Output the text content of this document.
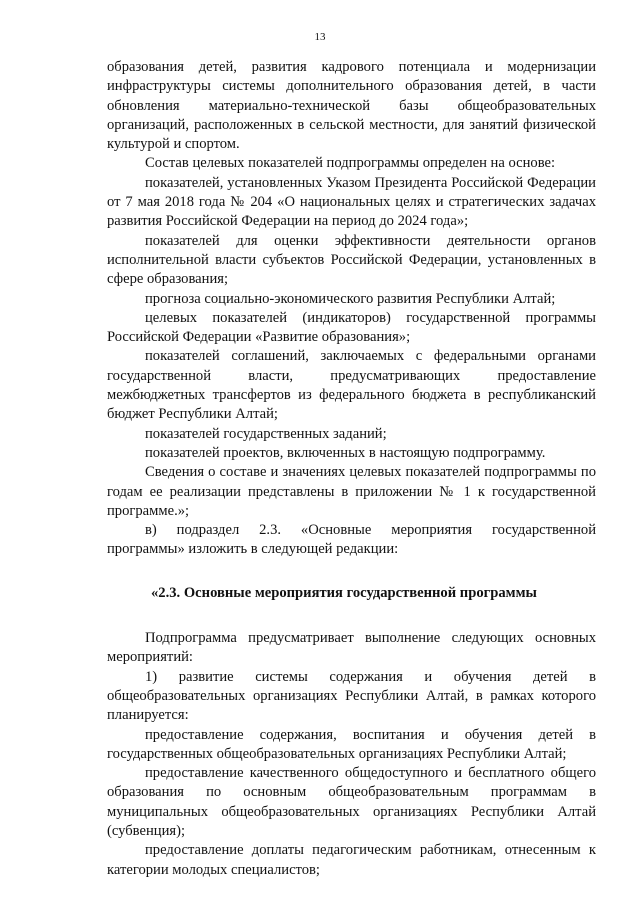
13

образования детей, развития кадрового потенциала и модернизации инфраструктуры системы дополнительного образования детей, в части обновления материально-технической базы общеобразовательных организаций, расположенных в сельской местности, для занятий физической культурой и спортом.

Состав целевых показателей подпрограммы определен на основе:

показателей, установленных Указом Президента Российской Федерации от 7 мая 2018 года № 204 «О национальных целях и стратегических задачах развития Российской Федерации на период до 2024 года»;

показателей для оценки эффективности деятельности органов исполнительной власти субъектов Российской Федерации, установленных в сфере образования;

прогноза социально-экономического развития Республики Алтай;

целевых показателей (индикаторов) государственной программы Российской Федерации «Развитие образования»;

показателей соглашений, заключаемых с федеральными органами государственной власти, предусматривающих предоставление межбюджетных трансфертов из федерального бюджета в республиканский бюджет Республики Алтай;

показателей государственных заданий;

показателей проектов, включенных в настоящую подпрограмму.

Сведения о составе и значениях целевых показателей подпрограммы по годам ее реализации представлены в приложении № 1 к государственной программе.»;

в) подраздел 2.3. «Основные мероприятия государственной программы» изложить в следующей редакции:

«2.3. Основные мероприятия государственной программы

Подпрограмма предусматривает выполнение следующих основных мероприятий:

1) развитие системы содержания и обучения детей в общеобразовательных организациях Республики Алтай, в рамках которого планируется:

предоставление содержания, воспитания и обучения детей в государственных общеобразовательных организациях Республики Алтай;

предоставление качественного общедоступного и бесплатного общего образования по основным общеобразовательным программам в муниципальных общеобразовательных организациях Республики Алтай (субвенция);

предоставление доплаты педагогическим работникам, отнесенным к категории молодых специалистов;
